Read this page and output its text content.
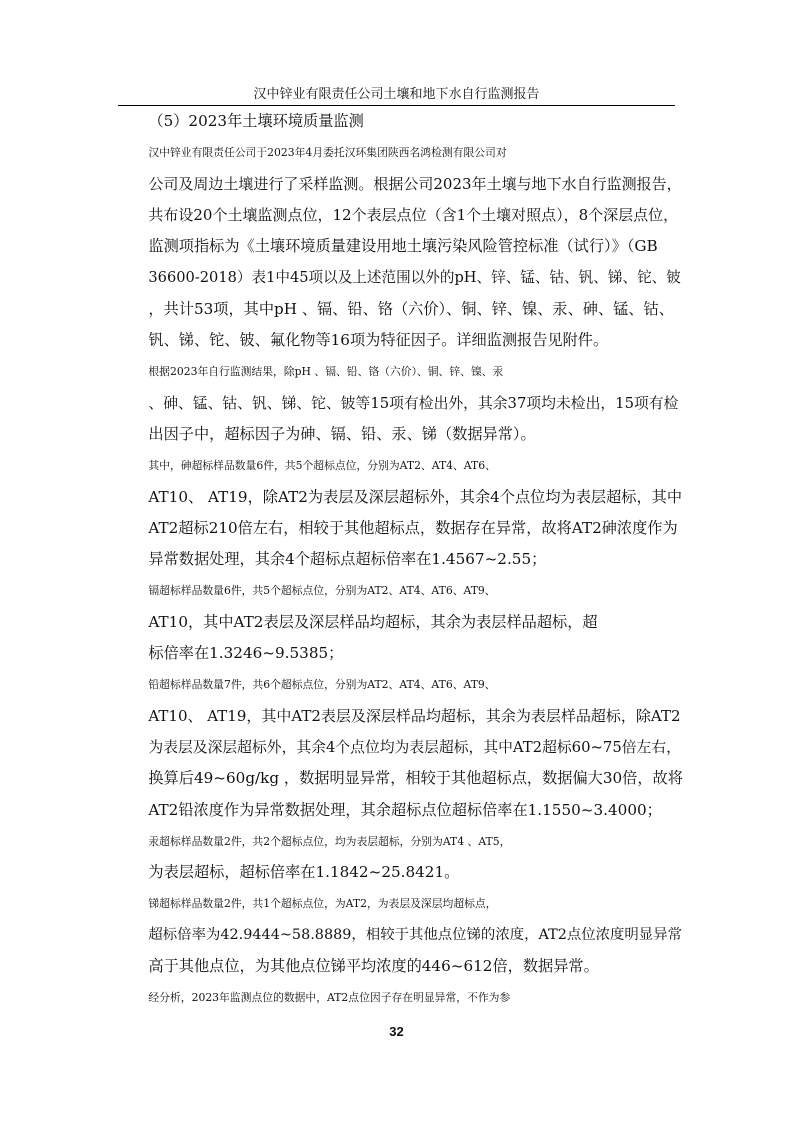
汉中锌业有限责任公司土壤和地下水自行监测报告

（5）2023年土壤环境质量监测

汉中锌业有限责任公司于2023年4月委托汉环集团陕西名鸿检测有限公司对
公司及周边土壤进行了采样监测。根据公司2023年土壤与地下水自行监测报告，
共布设20个土壤监测点位，12个表层点位（含1个土壤对照点），8个深层点位，
监测项指标为《土壤环境质量建设用地土壤污染风险管控标准（试行）》（GB
36600-2018）表1中45项以及上述范围以外的pH、锌、锰、钴、钒、锑、铊、铍
，共计53项，其中pH 、镉、铅、铬（六价）、铜、锌、镍、汞、砷、锰、钴、
钒、锑、铊、铍、氟化物等16项为特征因子。详细监测报告见附件。

根据2023年自行监测结果，除pH 、镉、铅、铬（六价）、铜、锌、镍、汞
、砷、锰、钴、钒、锑、铊、铍等15项有检出外，其余37项均未检出，15项有检
出因子中，超标因子为砷、镉、铅、汞、锑（数据异常）。

其中，砷超标样品数量6件，共5个超标点位，分别为AT2、AT4、AT6、
AT10、 AT19，除AT2为表层及深层超标外，其余4个点位均为表层超标，其中
AT2超标210倍左右，相较于其他超标点，数据存在异常，故将AT2砷浓度作为
异常数据处理，其余4个超标点超标倍率在1.4567~2.55；

镉超标样品数量6件，共5个超标点位，分别为AT2、AT4、AT6、AT9、
AT10，其中AT2表层及深层样品均超标，其余为表层样品超标，超
标倍率在1.3246~9.5385；

铅超标样品数量7件，共6个超标点位，分别为AT2、AT4、AT6、AT9、
AT10、 AT19，其中AT2表层及深层样品均超标，其余为表层样品超标，除AT2
为表层及深层超标外，其余4个点位均为表层超标，其中AT2超标60~75倍左右，
换算后49~60g/kg ，数据明显异常，相较于其他超标点，数据偏大30倍，故将
AT2铅浓度作为异常数据处理，其余超标点位超标倍率在1.1550~3.4000；

汞超标样品数量2件，共2个超标点位，均为表层超标，分别为AT4 、AT5，
为表层超标，超标倍率在1.1842~25.8421。

锑超标样品数量2件，共1个超标点位，为AT2，为表层及深层均超标点，
超标倍率为42.9444~58.8889，相较于其他点位锑的浓度，AT2点位浓度明显异常
高于其他点位，为其他点位锑平均浓度的446~612倍，数据异常。

经分析，2023年监测点位的数据中，AT2点位因子存在明显异常，不作为参

32
